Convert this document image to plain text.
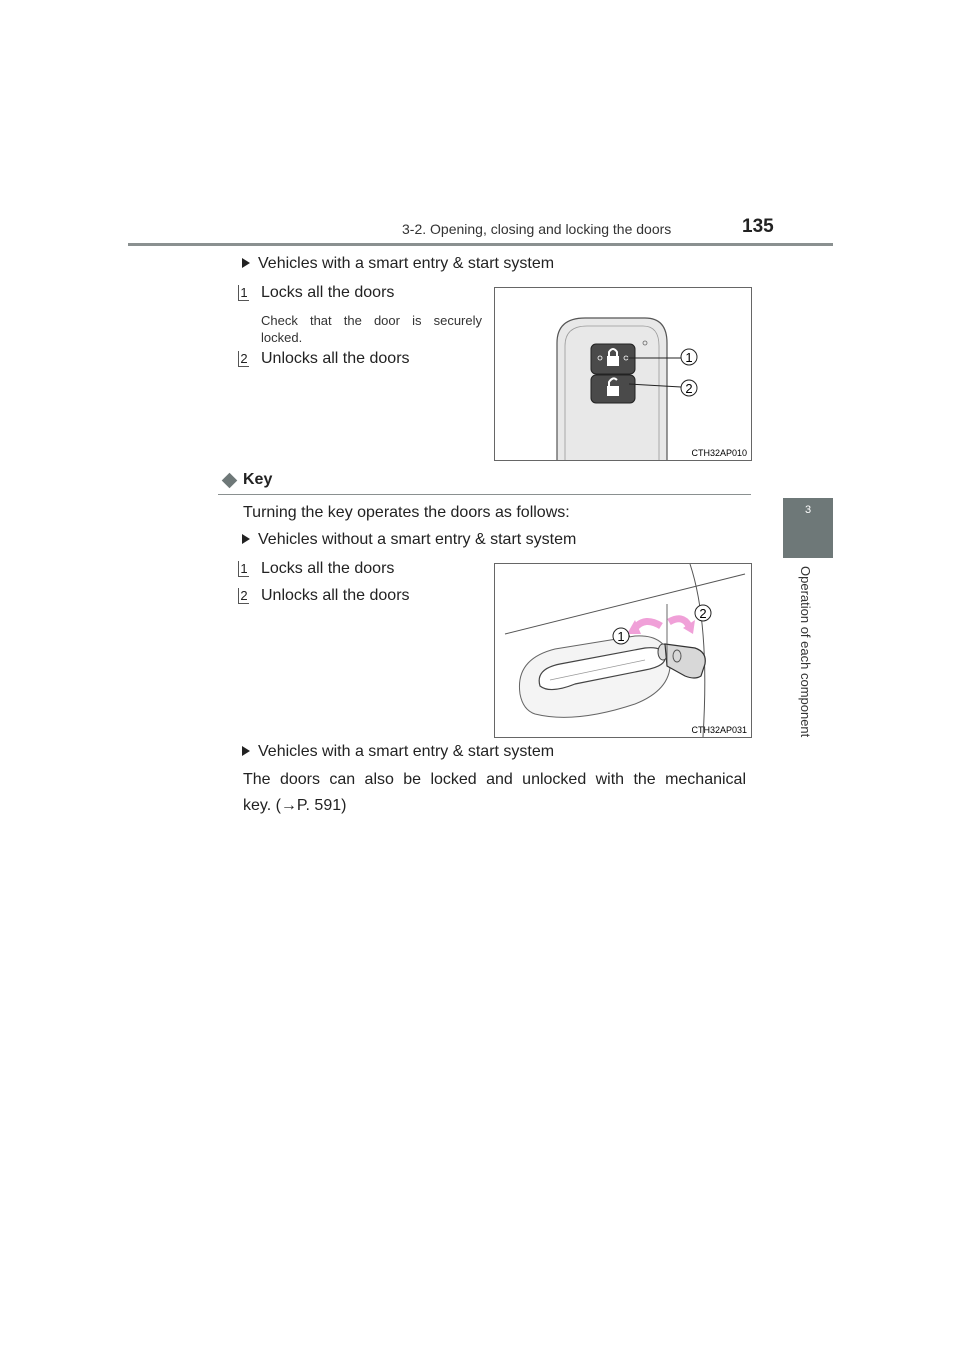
3-2. Opening, closing and locking the doors	135
3
Operation of each component
Vehicles with a smart entry & start system
1 Locks all the doors
Check that the door is securely locked.
2 Unlocks all the doors	1
2
CTH32AP010
Key
Turning the key operates the doors as follows:
Vehicles without a smart entry & start system
1 Locks all the doors
2 Unlocks all the doors
1
2
CTH32AP031
Vehicles with a smart entry & start system
The doors can also be locked and unlocked with the mechanical
key. (→P. 591)
